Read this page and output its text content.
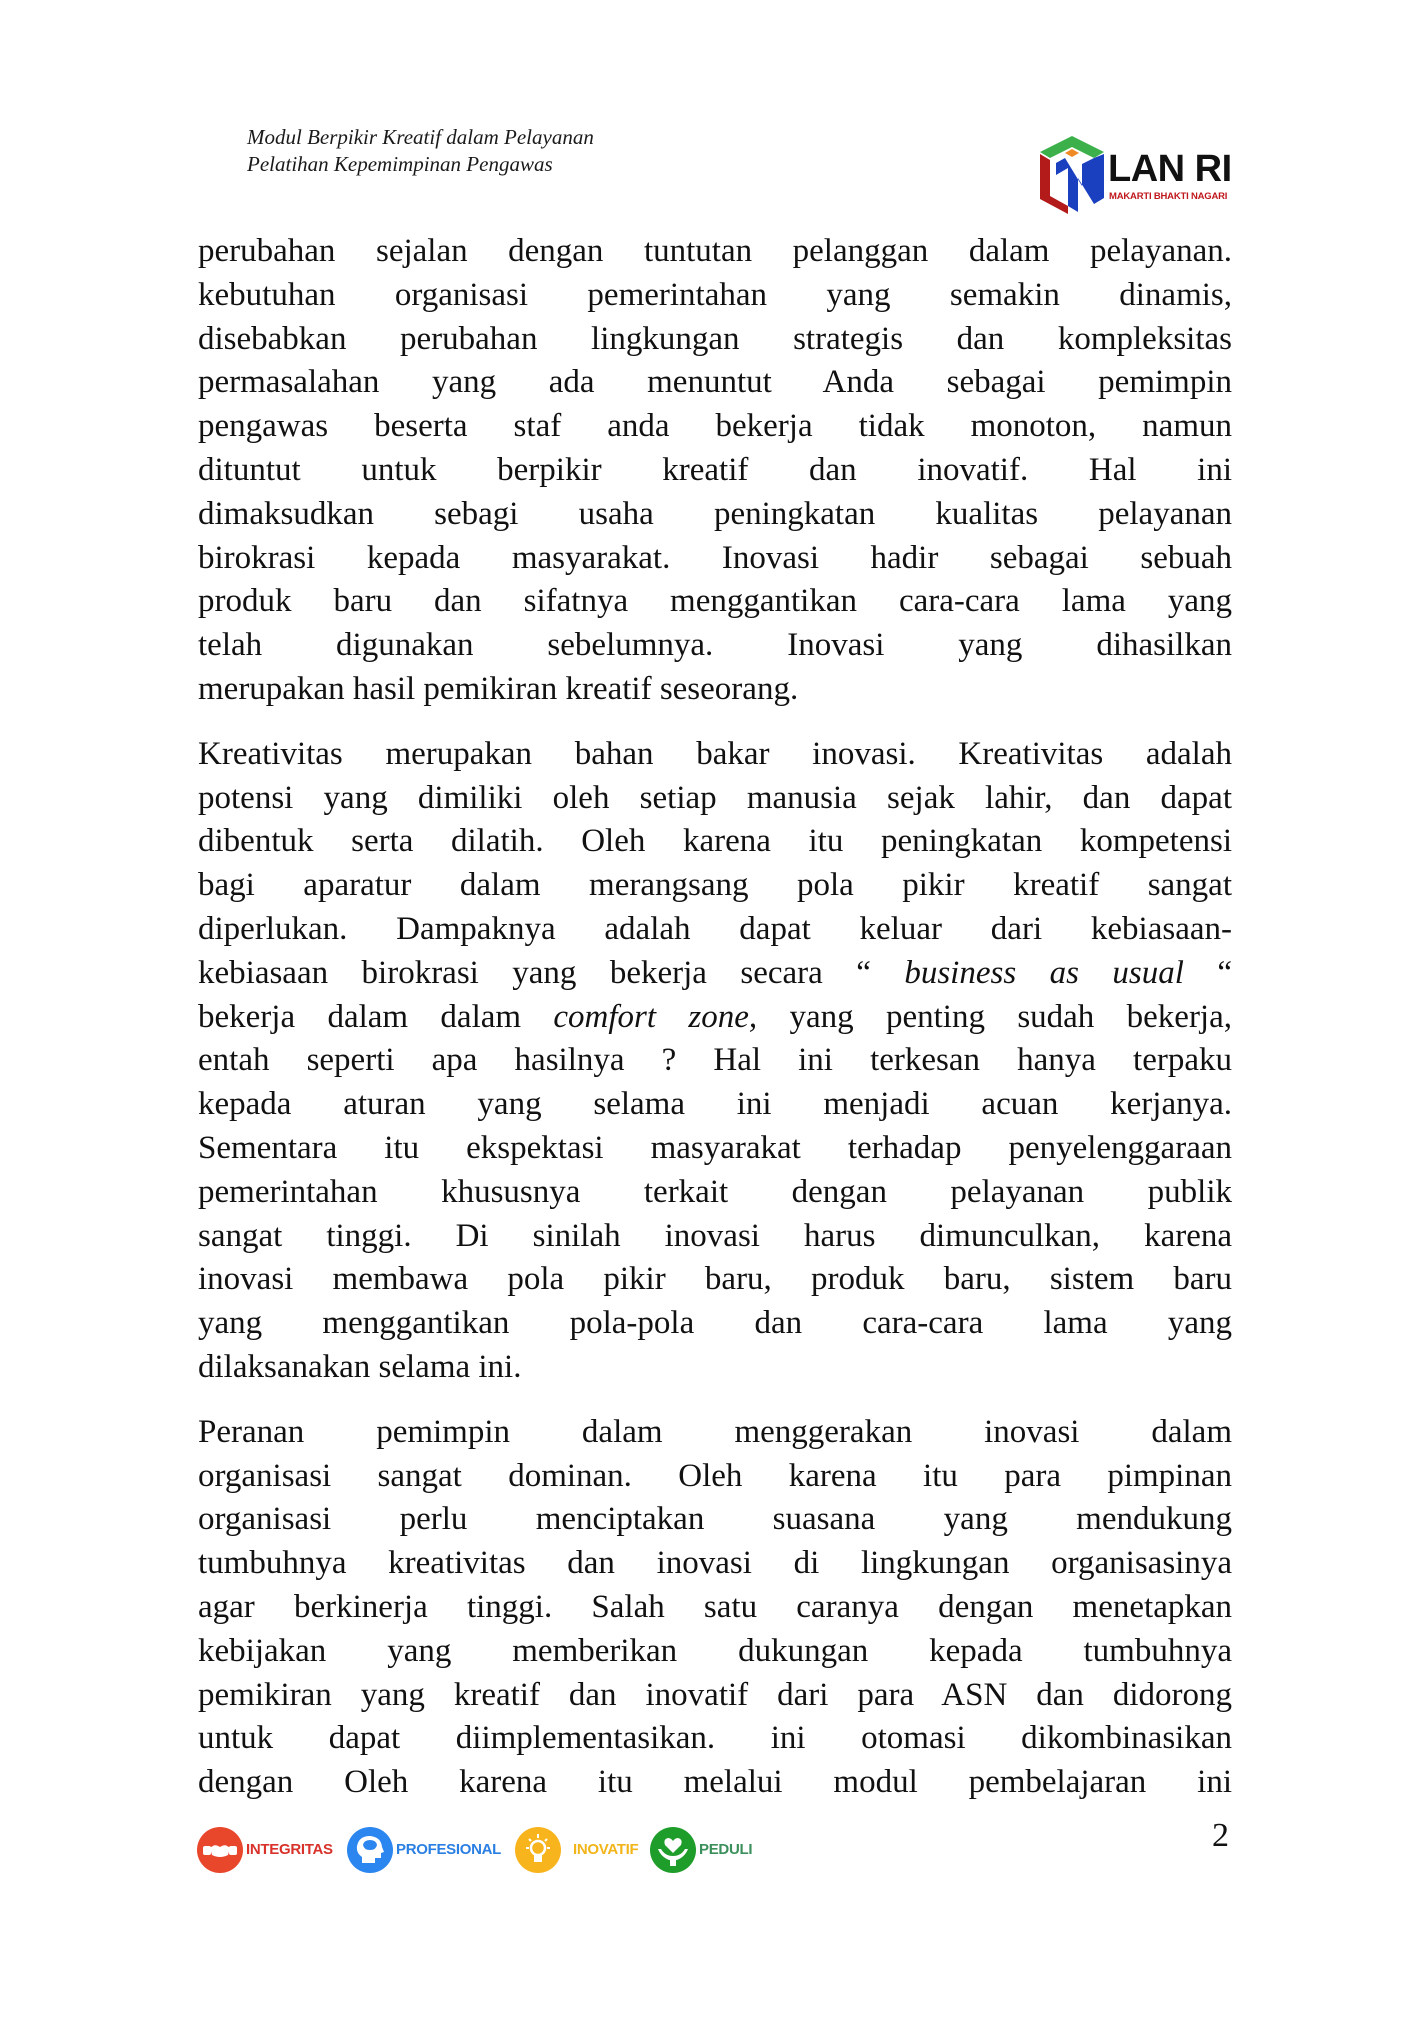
Modul Berpikir Kreatif dalam Pelayanan
Pelatihan Kepemimpinan Pengawas	LAN RI
MAKARTI BHAKTI NAGARI
perubahan sejalan dengan tuntutan pelanggan dalam pelayanan.
kebutuhan organisasi pemerintahan yang semakin dinamis,
disebabkan perubahan lingkungan strategis dan kompleksitas
permasalahan yang ada menuntut Anda sebagai pemimpin
pengawas beserta staf anda bekerja tidak monoton, namun
dituntut untuk berpikir kreatif dan inovatif. Hal ini
dimaksudkan sebagi usaha peningkatan kualitas pelayanan
birokrasi kepada masyarakat. Inovasi hadir sebagai sebuah
produk baru dan sifatnya menggantikan cara-cara lama yang
telah digunakan sebelumnya. Inovasi yang dihasilkan
merupakan hasil pemikiran kreatif seseorang.
Kreativitas merupakan bahan bakar inovasi. Kreativitas adalah
potensi yang dimiliki oleh setiap manusia sejak lahir, dan dapat
dibentuk serta dilatih. Oleh karena itu peningkatan kompetensi
bagi aparatur dalam merangsang pola pikir kreatif sangat
diperlukan. Dampaknya adalah dapat keluar dari kebiasaan-
kebiasaan birokrasi yang bekerja secara “ business as usual “
bekerja dalam dalam comfort zone, yang penting sudah bekerja,
entah seperti apa hasilnya ? Hal ini terkesan hanya terpaku
kepada aturan yang selama ini menjadi acuan kerjanya.
Sementara itu ekspektasi masyarakat terhadap penyelenggaraan
pemerintahan khususnya terkait dengan pelayanan publik
sangat tinggi. Di sinilah inovasi harus dimunculkan, karena
inovasi membawa pola pikir baru, produk baru, sistem baru
yang menggantikan pola-pola dan cara-cara lama yang
dilaksanakan selama ini.
Peranan pemimpin dalam menggerakan inovasi dalam
organisasi sangat dominan. Oleh karena itu para pimpinan
organisasi perlu menciptakan suasana yang mendukung
tumbuhnya kreativitas dan inovasi di lingkungan organisasinya
agar berkinerja tinggi. Salah satu caranya dengan menetapkan
kebijakan yang memberikan dukungan kepada tumbuhnya
pemikiran yang kreatif dan inovatif dari para ASN dan didorong
untuk dapat diimplementasikan. ini otomasi dikombinasikan
dengan Oleh karena itu melalui modul pembelajaran ini
INTEGRITAS	PROFESIONAL	INOVATIF	PEDULI	2
